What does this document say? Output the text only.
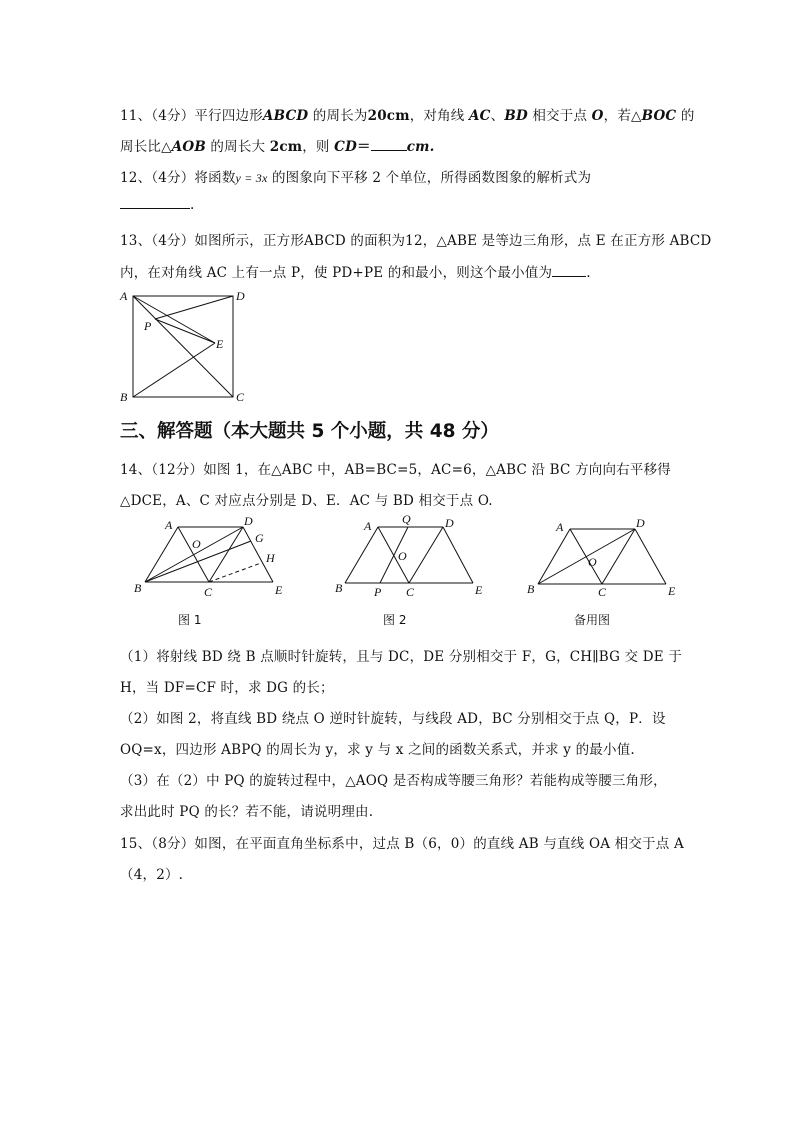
11、（4分）平行四边形ABCD 的周长为20cm，对角线 AC、BD 相交于点 O，若△BOC 的
周长比△AOB 的周长大 2cm，则 CD＝	cm.
12、（4分）将函数y = 3x 的图象向下平移 2 个单位，所得函数图象的解析式为
.
13、（4分）如图所示，正方形ABCD 的面积为12，△ABE 是等边三角形，点 E 在正方形 ABCD
内，在对角线 AC 上有一点 P，使 PD+PE 的和最小，则这个最小值为	.
A	D
P
E
B	C
三、解答题（本大题共 5 个小题，共 48 分）
14、（12分）如图 1，在△ABC 中，AB=BC=5，AC=6，△ABC 沿 BC 方向向右平移得
△DCE，A、C 对应点分别是 D、E．AC 与 BD 相交于点 O.
A	D
O	G
H
B	C	E
图 1
A	Q	D
O
B	P C	E
图 2
A	D
O
B	C	E
备用图
（1）将射线 BD 绕 B 点顺时针旋转，且与 DC，DE 分别相交于 F，G，CH∥BG 交 DE 于
H，当 DF=CF 时，求 DG 的长；
（2）如图 2，将直线 BD 绕点 O 逆时针旋转，与线段 AD，BC 分别相交于点 Q，P．设
OQ=x，四边形 ABPQ 的周长为 y，求 y 与 x 之间的函数关系式，并求 y 的最小值.
（3）在（2）中 PQ 的旋转过程中，△AOQ 是否构成等腰三角形？若能构成等腰三角形，
求出此时 PQ 的长？若不能，请说明理由.
15、（8分）如图，在平面直角坐标系中，过点 B（6，0）的直线 AB 与直线 OA 相交于点 A
（4，2）.
